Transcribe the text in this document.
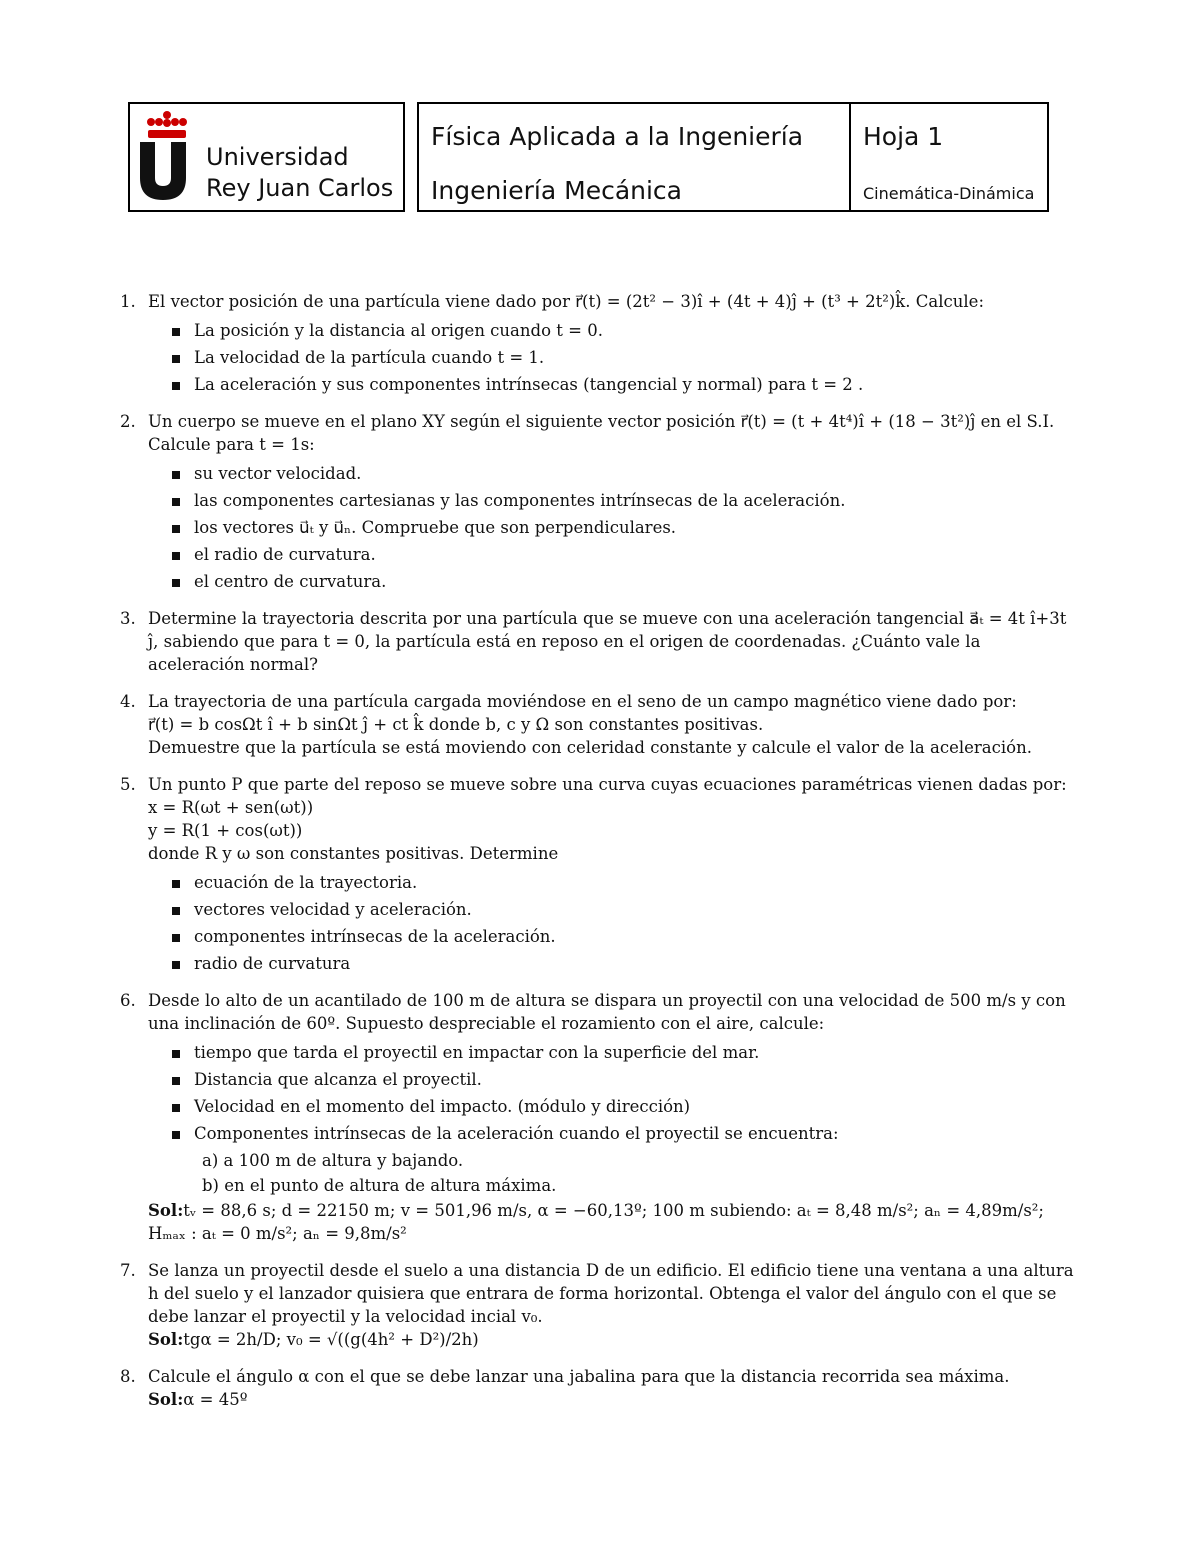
Universidad
Rey Juan Carlos
Física Aplicada a la Ingeniería
Ingeniería Mecánica
Hoja 1
Cinemática-Dinámica
1. El vector posición de una partícula viene dado por r⃗(t) = (2t² − 3)î + (4t + 4)ĵ + (t³ + 2t²)k̂. Calcule:

La posición y la distancia al origen cuando t = 0.
La velocidad de la partícula cuando t = 1.
La aceleración y sus componentes intrínsecas (tangencial y normal) para t = 2 .
2. Un cuerpo se mueve en el plano XY según el siguiente vector posición r⃗(t) = (t + 4t⁴)î + (18 − 3t²)ĵ en el S.I. Calcule para t = 1s:

su vector velocidad.
las componentes cartesianas y las componentes intrínsecas de la aceleración.
los vectores u⃗ₜ y u⃗ₙ. Compruebe que son perpendiculares.
el radio de curvatura.
el centro de curvatura.
3. Determine la trayectoria descrita por una partícula que se mueve con una aceleración tangencial a⃗ₜ = 4t î+3t ĵ, sabiendo que para t = 0, la partícula está en reposo en el origen de coordenadas. ¿Cuánto vale la aceleración normal?

4. La trayectoria de una partícula cargada moviéndose en el seno de un campo magnético viene dado por:

r⃗(t) = b cosΩt î + b sinΩt ĵ + ct k̂ donde b, c y Ω son constantes positivas.

Demuestre que la partícula se está moviendo con celeridad constante y calcule el valor de la aceleración.

5. Un punto P que parte del reposo se mueve sobre una curva cuyas ecuaciones paramétricas vienen dadas por:

x = R(ωt + sen(ωt))

y = R(1 + cos(ωt))

donde R y ω son constantes positivas. Determine

ecuación de la trayectoria.
vectores velocidad y aceleración.
componentes intrínsecas de la aceleración.
radio de curvatura
6. Desde lo alto de un acantilado de 100 m de altura se dispara un proyectil con una velocidad de 500 m/s y con una inclinación de 60º. Supuesto despreciable el rozamiento con el aire, calcule:

tiempo que tarda el proyectil en impactar con la superficie del mar.
Distancia que alcanza el proyectil.
Velocidad en el momento del impacto. (módulo y dirección)
Componentes intrínsecas de la aceleración cuando el proyectil se encuentra:
a) a 100 m de altura y bajando.
b) en el punto de altura de altura máxima.

Sol:tᵥ = 88,6 s; d = 22150 m; v = 501,96 m/s, α = −60,13º; 100 m subiendo: aₜ = 8,48 m/s²; aₙ = 4,89m/s²; Hₘₐₓ : aₜ = 0 m/s²; aₙ = 9,8m/s²

7. Se lanza un proyectil desde el suelo a una distancia D de un edificio. El edificio tiene una ventana a una altura h del suelo y el lanzador quisiera que entrara de forma horizontal. Obtenga el valor del ángulo con el que se debe lanzar el proyectil y la velocidad incial v₀.

Sol:tgα = 2h/D; v₀ = √((g(4h² + D²)/2h)

8. Calcule el ángulo α con el que se debe lanzar una jabalina para que la distancia recorrida sea máxima.

Sol:α = 45º
